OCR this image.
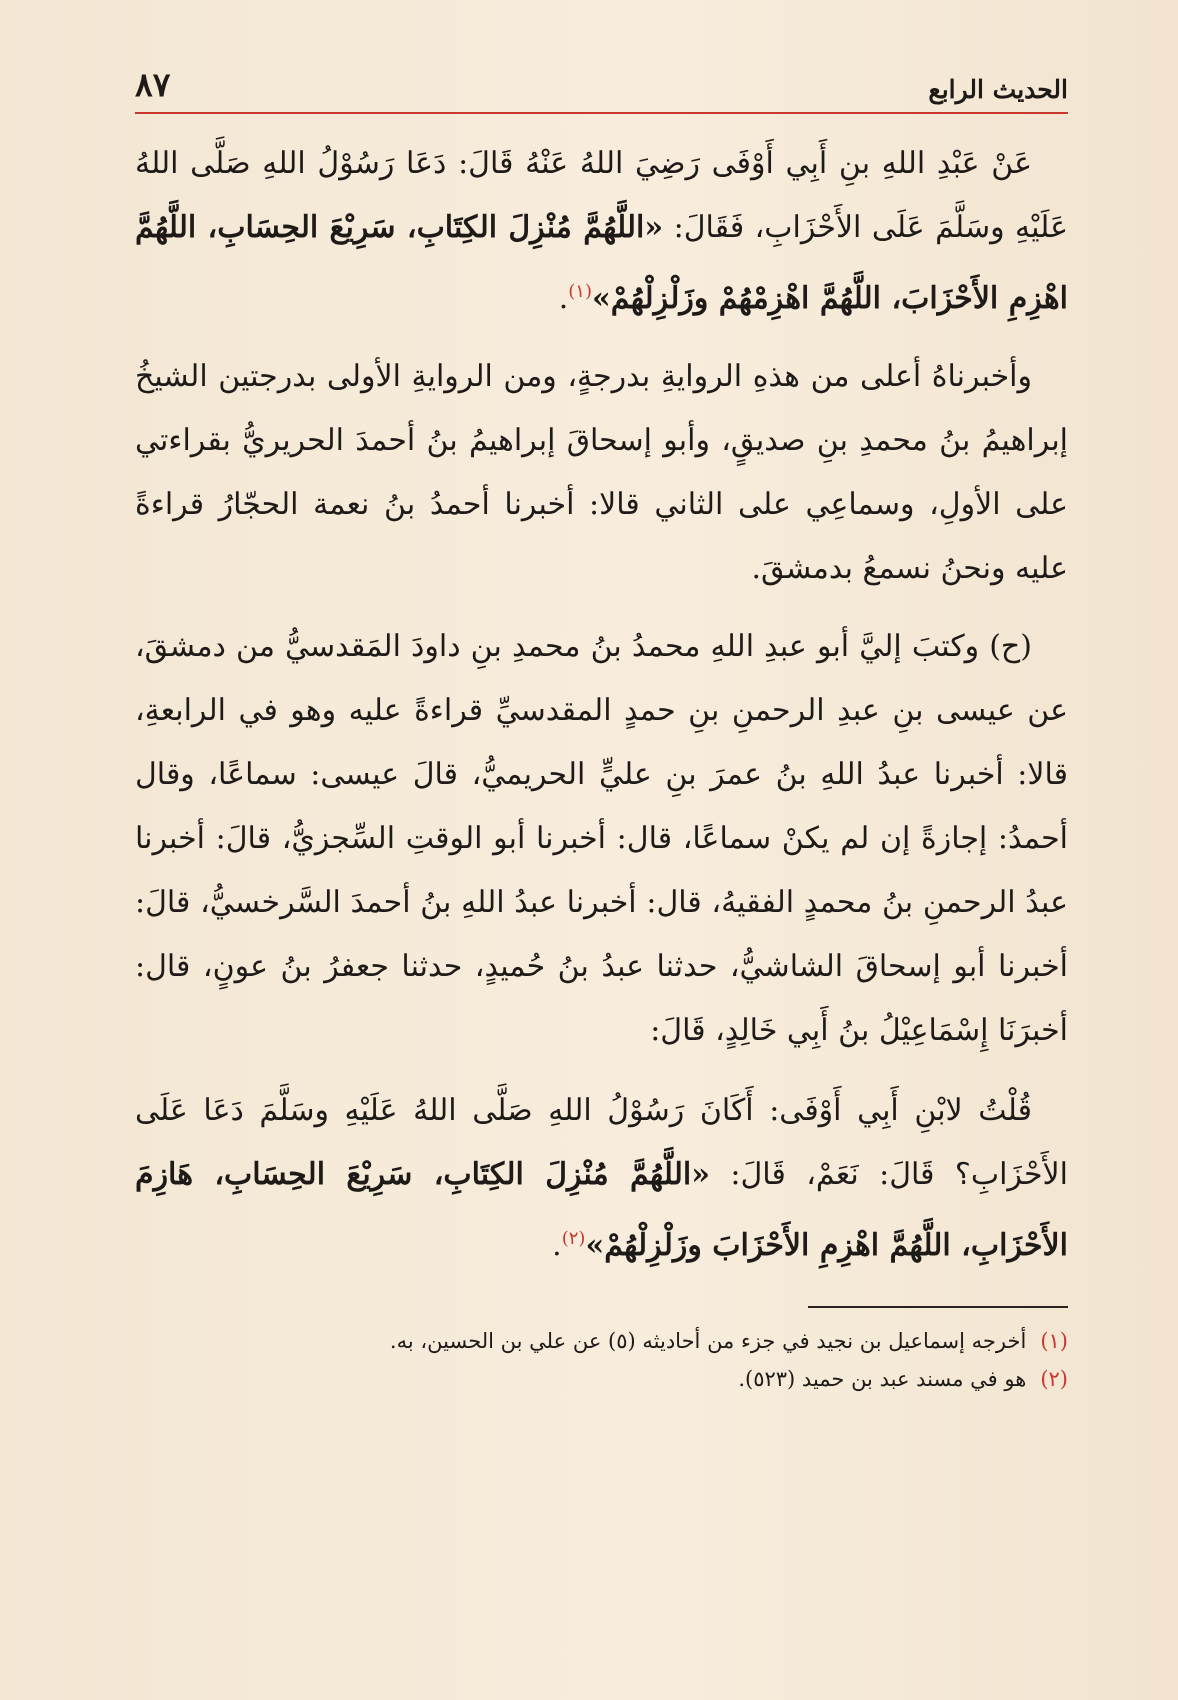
الحديث الرابع
٨٧

عَنْ عَبْدِ اللهِ بنِ أَبِي أَوْفَى رَضِيَ اللهُ عَنْهُ قَالَ: دَعَا رَسُوْلُ اللهِ صَلَّى اللهُ عَلَيْهِ وسَلَّمَ عَلَى الأَحْزَابِ، فَقَالَ: «اللَّهُمَّ مُنْزِلَ الكِتَابِ، سَرِيْعَ الحِسَابِ، اللَّهُمَّ اهْزِمِ الأَحْزَابَ، اللَّهُمَّ اهْزِمْهُمْ وزَلْزِلْهُمْ»$^{(١)}$.

وأخبرناهُ أعلى من هذهِ الروايةِ بدرجةٍ، ومن الروايةِ الأولى بدرجتين الشيخُ إبراهيمُ بنُ محمدِ بنِ صديقٍ، وأبو إسحاقَ إبراهيمُ بنُ أحمدَ الحريريُّ بقراءتي على الأولِ، وسماعِي على الثاني قالا: أخبرنا أحمدُ بنُ نعمة الحجّارُ قراءةً عليه ونحنُ نسمعُ بدمشقَ.

(ح) وكتبَ إليَّ أبو عبدِ اللهِ محمدُ بنُ محمدِ بنِ داودَ المَقدسيُّ من دمشقَ، عن عيسى بنِ عبدِ الرحمنِ بنِ حمدٍ المقدسيِّ قراءةً عليه وهو في الرابعةِ، قالا: أخبرنا عبدُ اللهِ بنُ عمرَ بنِ عليٍّ الحريميُّ، قالَ عيسى: سماعًا، وقال أحمدُ: إجازةً إن لم يكنْ سماعًا، قال: أخبرنا أبو الوقتِ السِّجزيُّ، قالَ: أخبرنا عبدُ الرحمنِ بنُ محمدٍ الفقيهُ، قال: أخبرنا عبدُ اللهِ بنُ أحمدَ السَّرخسيُّ، قالَ: أخبرنا أبو إسحاقَ الشاشيُّ، حدثنا عبدُ بنُ حُميدٍ، حدثنا جعفرُ بنُ عونٍ، قال: أخبرَنَا إِسْمَاعِيْلُ بنُ أَبِي خَالِدٍ، قَالَ:

قُلْتُ لابْنِ أَبِي أَوْفَى: أَكَانَ رَسُوْلُ اللهِ صَلَّى اللهُ عَلَيْهِ وسَلَّمَ دَعَا عَلَى الأَحْزَابِ؟ قَالَ: نَعَمْ، قَالَ: «اللَّهُمَّ مُنْزِلَ الكِتَابِ، سَرِيْعَ الحِسَابِ، هَازِمَ الأَحْزَابِ، اللَّهُمَّ اهْزِمِ الأَحْزَابَ وزَلْزِلْهُمْ»$^{(٢)}$.

(١)
أخرجه إسماعيل بن نجيد في جزء من أحاديثه (٥) عن علي بن الحسين، به.
(٢)
هو في مسند عبد بن حميد (٥٢٣).
